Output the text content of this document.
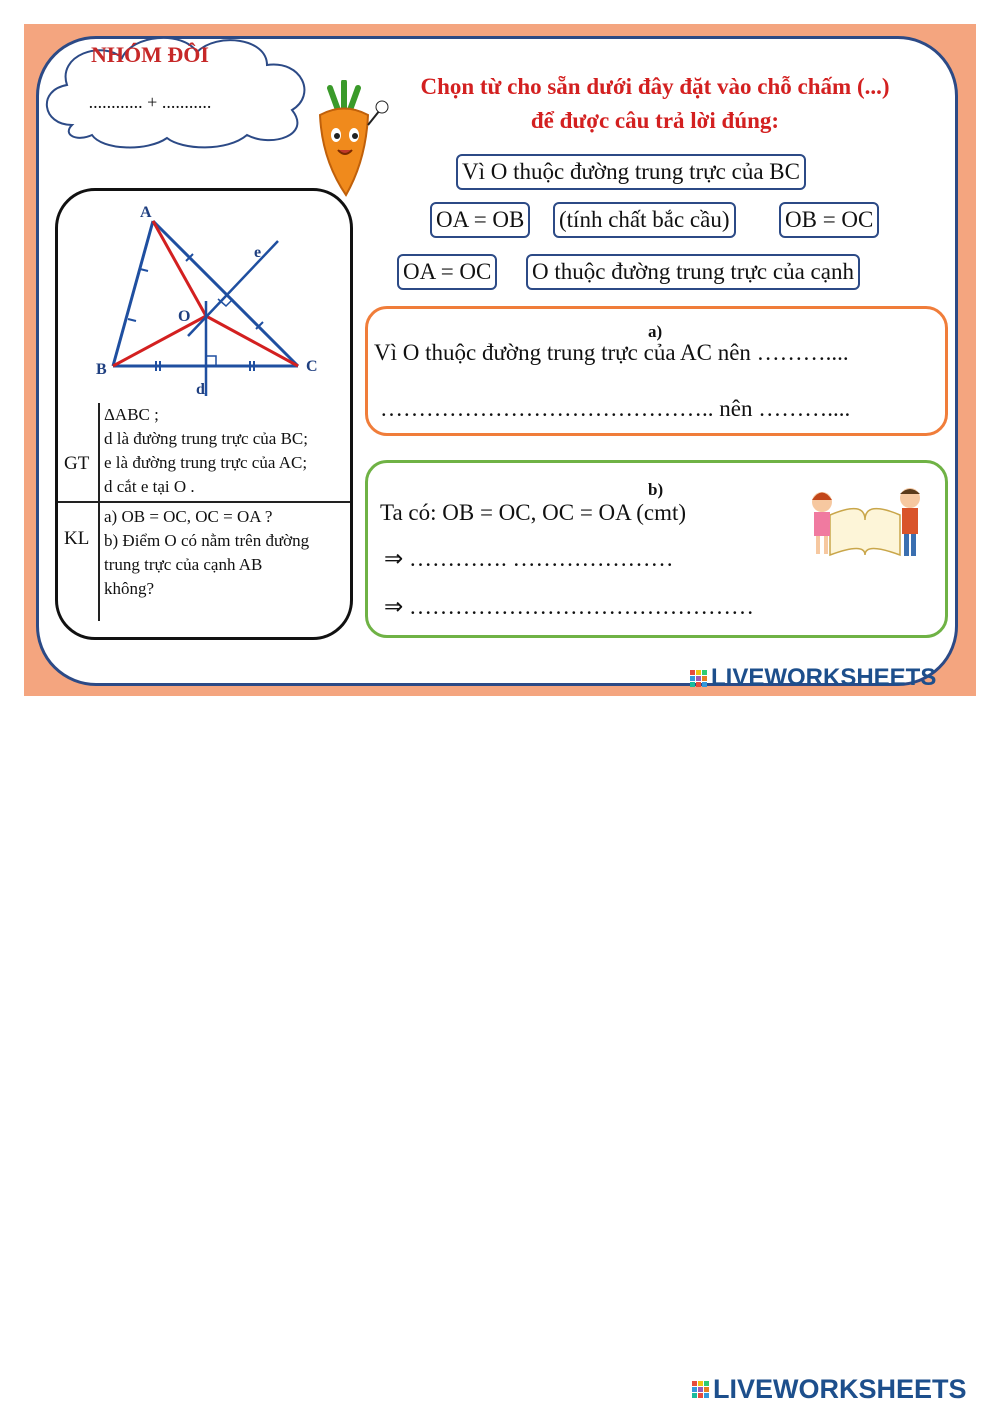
NHÓM ĐÔI
............ + ...........
Chọn từ cho sẵn dưới đây đặt vào chỗ chấm (...)
để được câu trả lời đúng:
Vì O thuộc đường trung trực của BC
OA = OB (tính chất bắc cầu) OB = OC
OA = OC O thuộc đường trung trực của cạnh
A
B	C
O
d
e
GT
ΔABC ;
d là đường trung trực của BC;
e là đường trung trực của AC;
d cắt e tại O .
KL
a) OB = OC, OC = OA ?
b) Điểm O có nằm trên đường
trung trực của cạnh AB
không?
a)
Vì O thuộc đường trung trực của AC nên ………....
…………………………………….. nên ………....
b)
Ta có: OB = OC, OC = OA (cmt)
⇒ …………. …………………
⇒ ………………………………………
LIVEWORKSHEETS
LIVEWORKSHEETS
